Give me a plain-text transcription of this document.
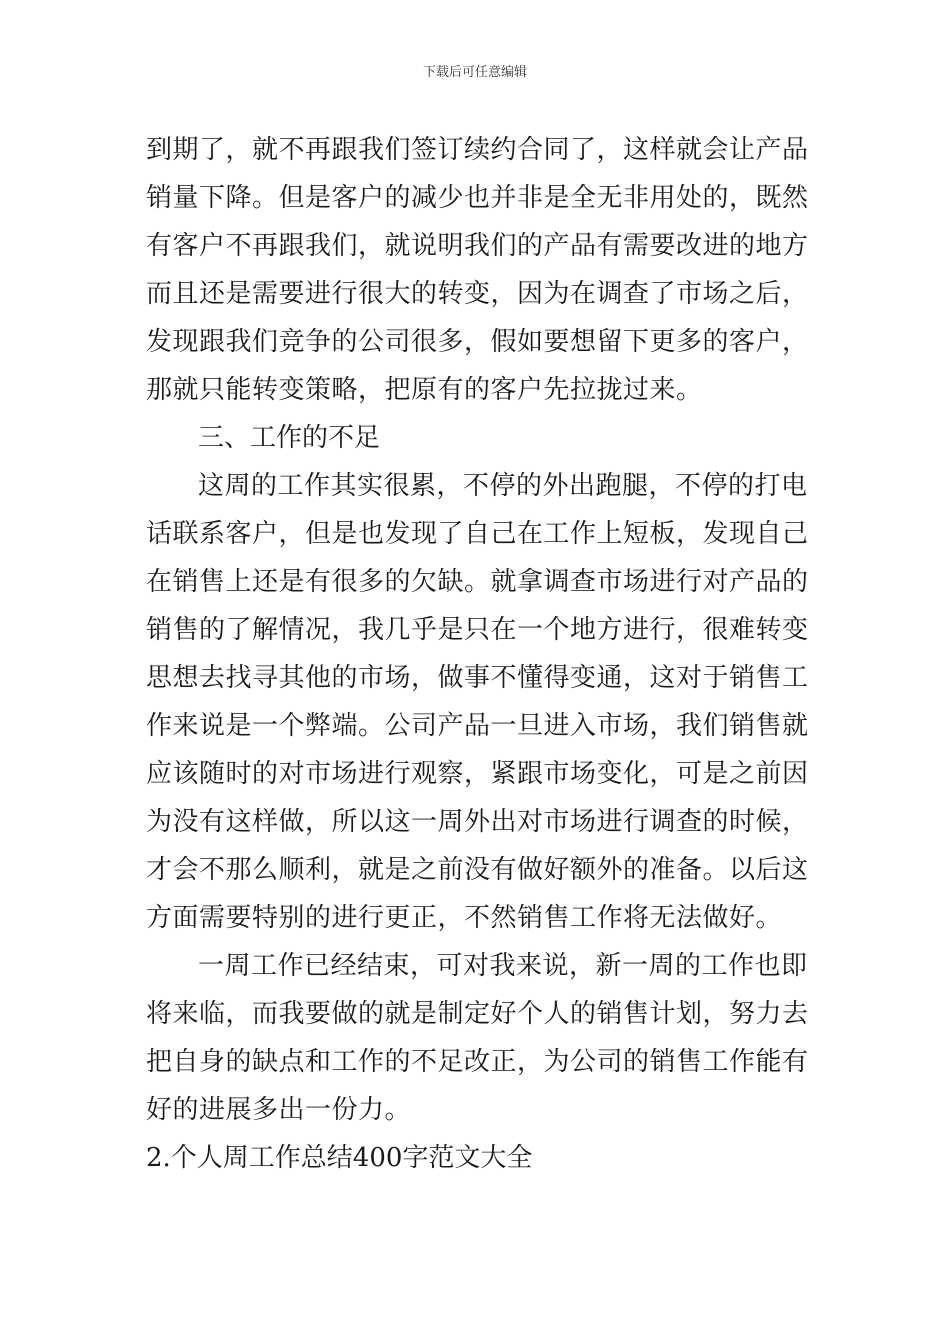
下载后可任意编辑
到期了，就不再跟我们签订续约合同了，这样就会让产品
销量下降。但是客户的减少也并非是全无非用处的，既然
有客户不再跟我们，就说明我们的产品有需要改进的地方
而且还是需要进行很大的转变，因为在调查了市场之后，
发现跟我们竞争的公司很多，假如要想留下更多的客户，
那就只能转变策略，把原有的客户先拉拢过来。
三、工作的不足
这周的工作其实很累，不停的外出跑腿，不停的打电
话联系客户，但是也发现了自己在工作上短板，发现自己
在销售上还是有很多的欠缺。就拿调查市场进行对产品的
销售的了解情况，我几乎是只在一个地方进行，很难转变
思想去找寻其他的市场，做事不懂得变通，这对于销售工
作来说是一个弊端。公司产品一旦进入市场，我们销售就
应该随时的对市场进行观察，紧跟市场变化，可是之前因
为没有这样做，所以这一周外出对市场进行调查的时候，
才会不那么顺利，就是之前没有做好额外的准备。以后这
方面需要特别的进行更正，不然销售工作将无法做好。
一周工作已经结束，可对我来说，新一周的工作也即
将来临，而我要做的就是制定好个人的销售计划，努力去
把自身的缺点和工作的不足改正，为公司的销售工作能有
好的进展多出一份力。
2.个人周工作总结400字范文大全
